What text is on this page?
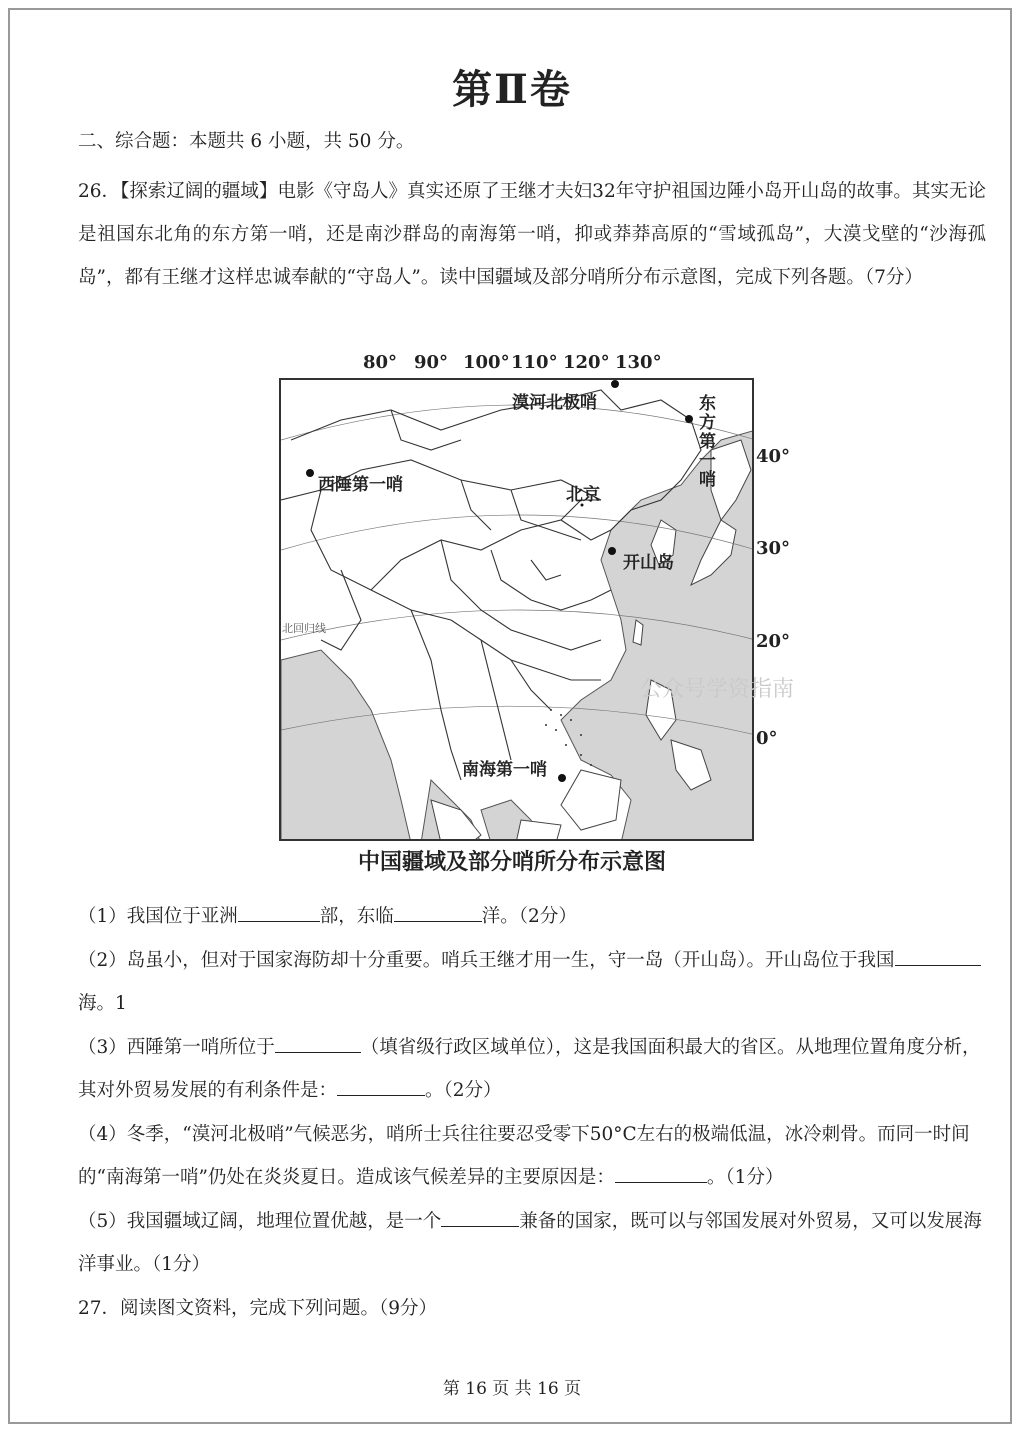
第Ⅱ卷
二、综合题：本题共 6 小题，共 50 分。
26．【探索辽阔的疆域】电影《守岛人》真实还原了王继才夫妇32年守护祖国边陲小岛开山岛的故事。其实无论是祖国东北角的东方第一哨，还是南沙群岛的南海第一哨，抑或莽莽高原的“雪域孤岛”，大漠戈壁的“沙海孤岛”，都有王继才这样忠诚奉献的“守岛人”。读中国疆域及部分哨所分布示意图，完成下列各题。（7分）
80° 90° 100° 110° 120° 130°
漠河北极哨	东方第一哨
西陲第一哨	北京
开山岛
南海第一哨
北回归线
40°
30°
20°
0°
公众号学资指南
中国疆域及部分哨所分布示意图
（1）我国位于亚洲	部，东临	洋。（2分）
（2）岛虽小，但对于国家海防却十分重要。哨兵王继才用一生，守一岛（开山岛）。开山岛位于我国
海。1
（3）西陲第一哨所位于	（填省级行政区域单位），这是我国面积最大的省区。从地理位置角度分析，其对外贸易发展的有利条件是：	。（2分）
（4）冬季，“漠河北极哨”气候恶劣，哨所士兵往往要忍受零下50°C左右的极端低温，冰冷刺骨。而同一时间的“南海第一哨”仍处在炎炎夏日。造成该气候差异的主要原因是：	。（1分）
（5）我国疆域辽阔，地理位置优越，是一个	兼备的国家，既可以与邻国发展对外贸易，又可以发展海洋事业。（1分）
27．阅读图文资料，完成下列问题。（9分）
第 16 页 共 16 页
